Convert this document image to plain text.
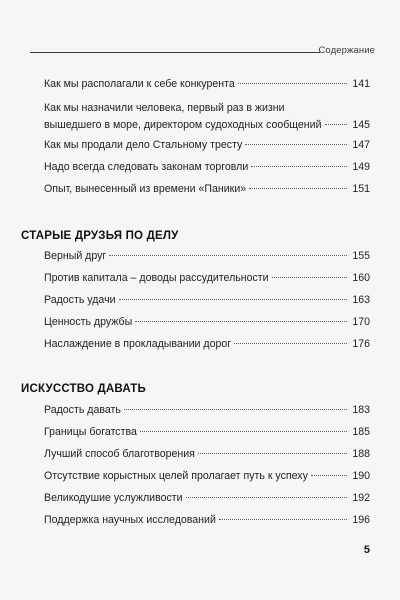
Содержание
Как мы располагали к себе конкурента	141
Как мы назначили человека, первый раз в жизни
вышедшего в море, директором судоходных сообщений	145
Как мы продали дело Стальному тресту	147
Надо всегда следовать законам торговли	149
Опыт, вынесенный из времени «Паники»	151
СТАРЫЕ ДРУЗЬЯ ПО ДЕЛУ
Верный друг	155
Против капитала – доводы рассудительности	160
Радость удачи	163
Ценность дружбы	170
Наслаждение в прокладывании дорог	176
ИСКУССТВО ДАВАТЬ
Радость давать	183
Границы богатства	185
Лучший способ благотворения	188
Отсутствие корыстных целей пролагает путь к успеху	190
Великодушие услужливости	192
Поддержка научных исследований	196
5
